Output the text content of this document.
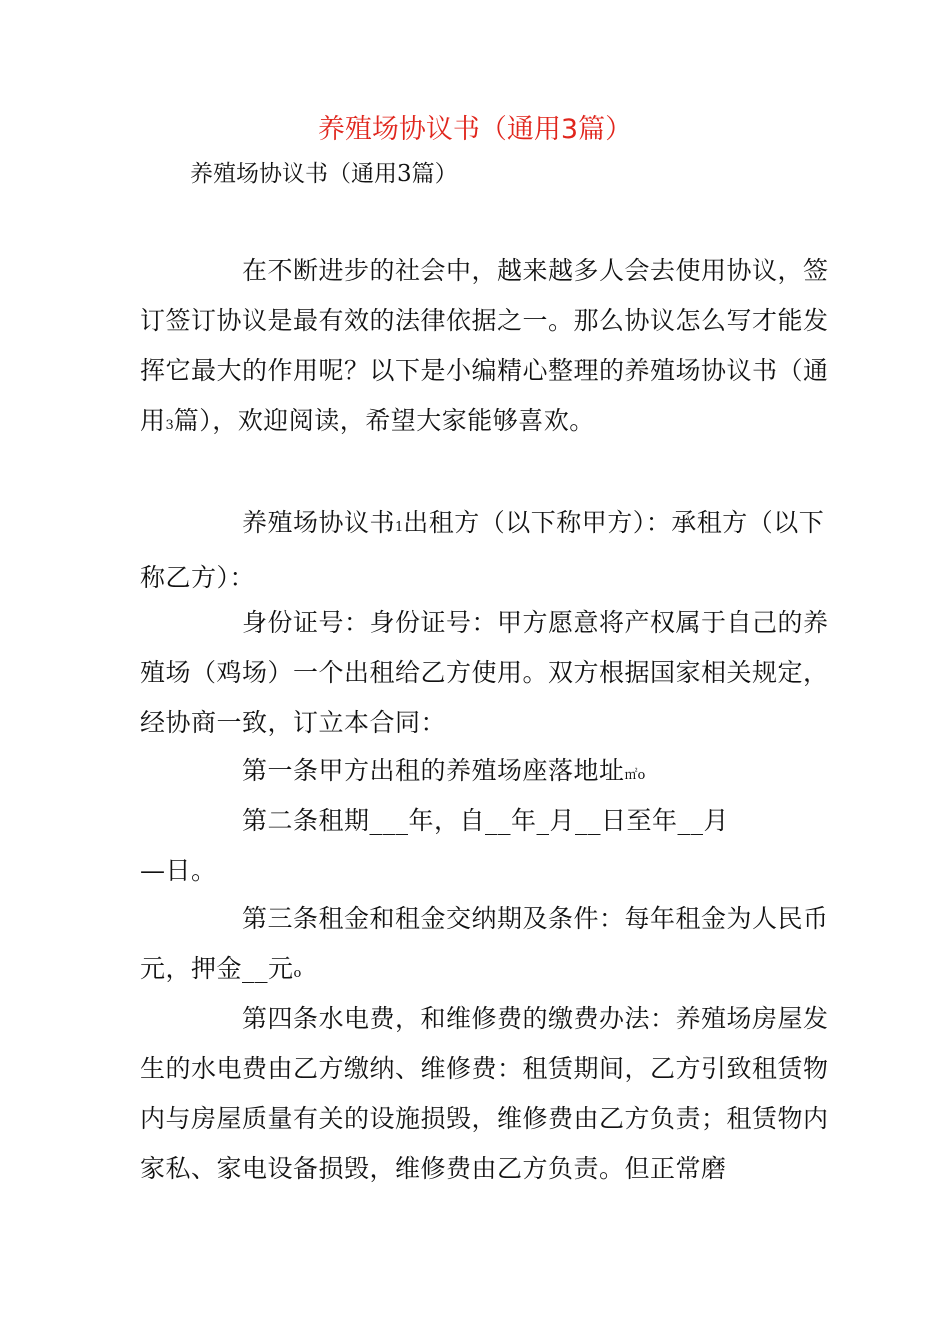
养殖场协议书（通用3篇）
养殖场协议书（通用3篇）

在不断进步的社会中，越来越多人会去使用协议，签订签订协议是最有效的法律依据之一。那么协议怎么写才能发挥它最大的作用呢？以下是小编精心整理的养殖场协议书（通用3篇），欢迎阅读，希望大家能够喜欢。

养殖场协议书1出租方（以下称甲方）：承租方（以下称乙方）：

身份证号：身份证号：甲方愿意将产权属于自己的养殖场（鸡场）一个出租给乙方使用。双方根据国家相关规定，经协商一致，订立本合同：

第一条甲方出租的养殖场座落地址㎡o

第二条租期___年，自__年_月__日至年__月
—日。

第三条租金和租金交纳期及条件：每年租金为人民币元，押金__元o

第四条水电费，和维修费的缴费办法：养殖场房屋发生的水电费由乙方缴纳、维修费：租赁期间，乙方引致租赁物内与房屋质量有关的设施损毁，维修费由乙方负责；租赁物内家私、家电设备损毁，维修费由乙方负责。但正常磨
